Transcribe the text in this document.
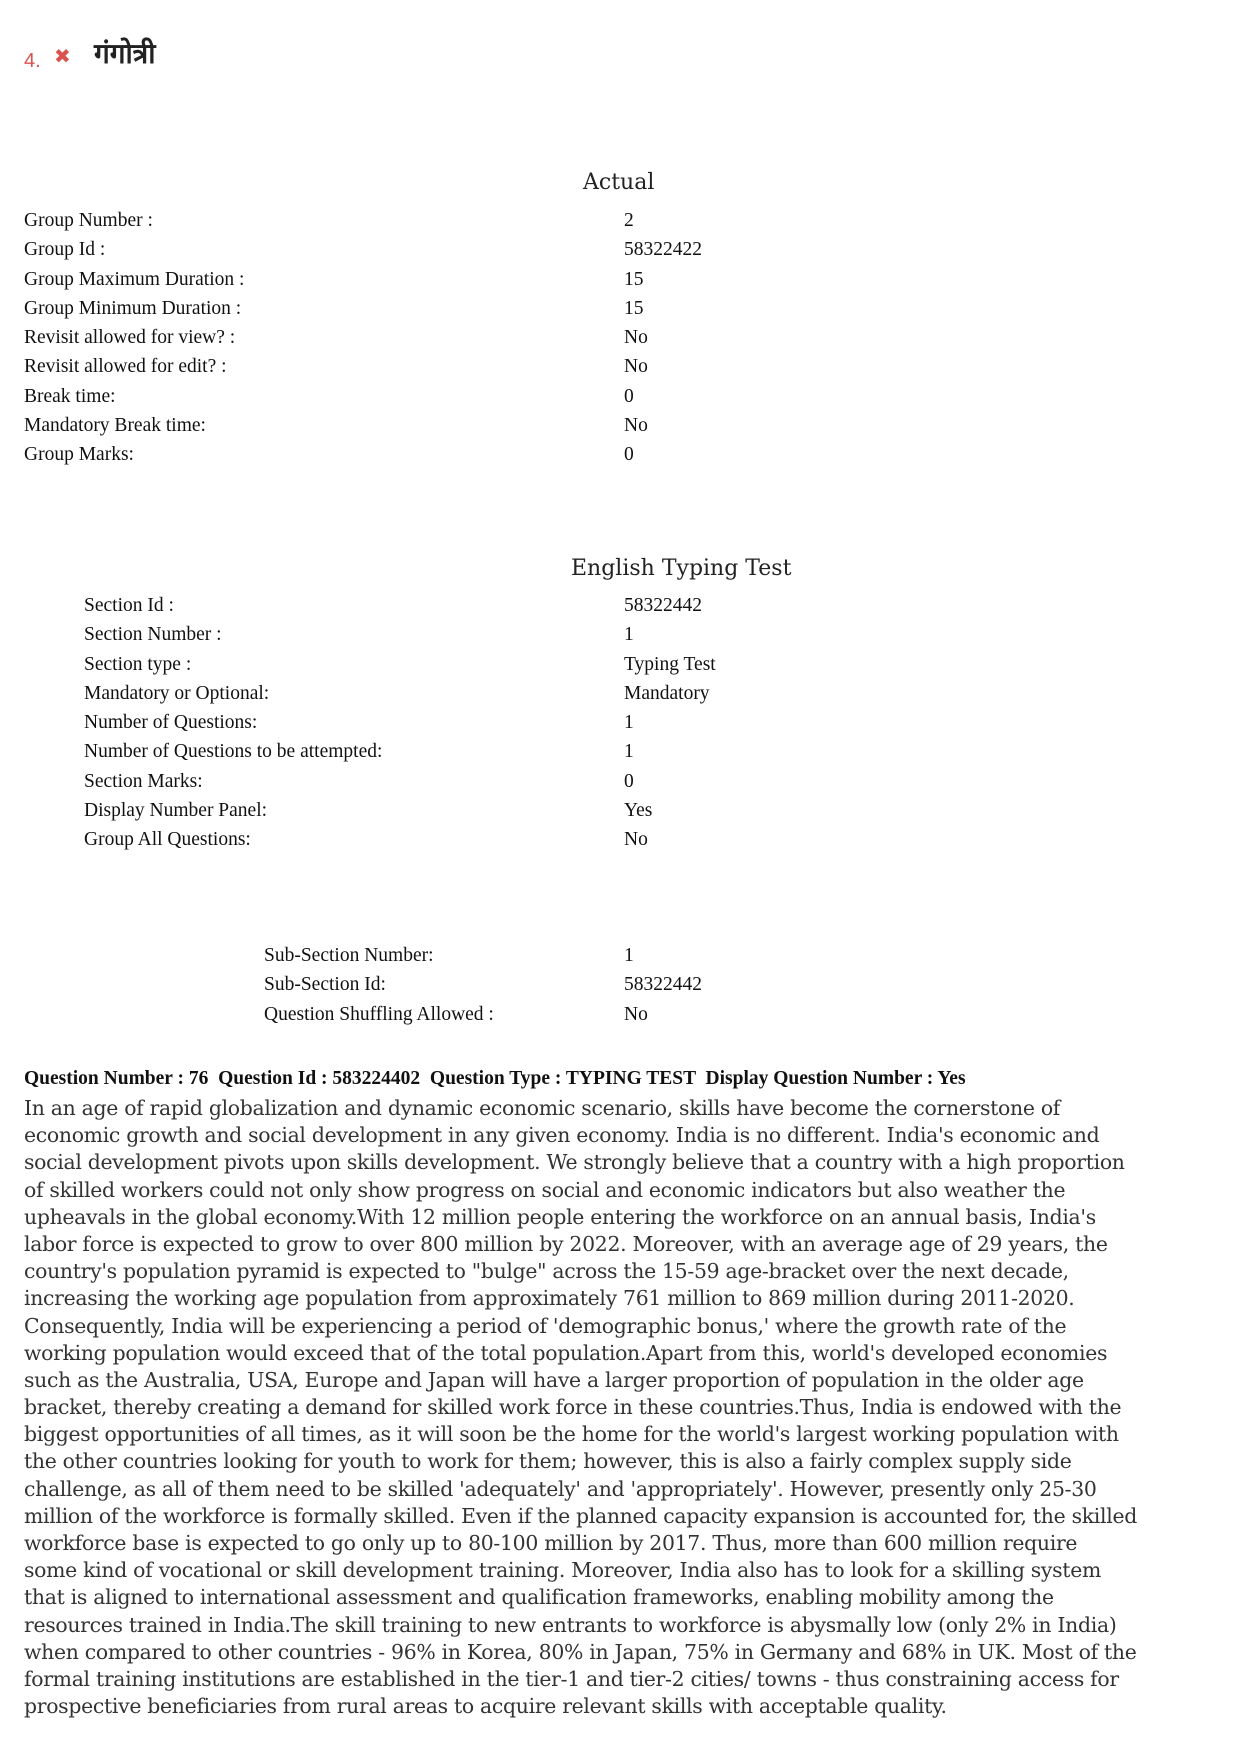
4. ✖ गंगोत्री
Actual
Group Number :	2
Group Id :	58322422
Group Maximum Duration :	15
Group Minimum Duration :	15
Revisit allowed for view? :	No
Revisit allowed for edit? :	No
Break time:	0
Mandatory Break time:	No
Group Marks:	0
English Typing Test
Section Id :	58322442
Section Number :	1
Section type :	Typing Test
Mandatory or Optional:	Mandatory
Number of Questions:	1
Number of Questions to be attempted:	1
Section Marks:	0
Display Number Panel:	Yes
Group All Questions:	No
Sub-Section Number:	1
Sub-Section Id:	58322442
Question Shuffling Allowed :	No
Question Number : 76  Question Id : 583224402  Question Type : TYPING TEST  Display Question Number : Yes
In an age of rapid globalization and dynamic economic scenario, skills have become the cornerstone of
economic growth and social development in any given economy. India is no different. India's economic and
social development pivots upon skills development. We strongly believe that a country with a high proportion
of skilled workers could not only show progress on social and economic indicators but also weather the
upheavals in the global economy.With 12 million people entering the workforce on an annual basis, India's
labor force is expected to grow to over 800 million by 2022. Moreover, with an average age of 29 years, the
country's population pyramid is expected to "bulge" across the 15-59 age-bracket over the next decade,
increasing the working age population from approximately 761 million to 869 million during 2011-2020.
Consequently, India will be experiencing a period of 'demographic bonus,' where the growth rate of the
working population would exceed that of the total population.Apart from this, world's developed economies
such as the Australia, USA, Europe and Japan will have a larger proportion of population in the older age
bracket, thereby creating a demand for skilled work force in these countries.Thus, India is endowed with the
biggest opportunities of all times, as it will soon be the home for the world's largest working population with
the other countries looking for youth to work for them; however, this is also a fairly complex supply side
challenge, as all of them need to be skilled 'adequately' and 'appropriately'. However, presently only 25-30
million of the workforce is formally skilled. Even if the planned capacity expansion is accounted for, the skilled
workforce base is expected to go only up to 80-100 million by 2017. Thus, more than 600 million require
some kind of vocational or skill development training. Moreover, India also has to look for a skilling system
that is aligned to international assessment and qualification frameworks, enabling mobility among the
resources trained in India.The skill training to new entrants to workforce is abysmally low (only 2% in India)
when compared to other countries - 96% in Korea, 80% in Japan, 75% in Germany and 68% in UK. Most of the
formal training institutions are established in the tier-1 and tier-2 cities/ towns - thus constraining access for
prospective beneficiaries from rural areas to acquire relevant skills with acceptable quality.
